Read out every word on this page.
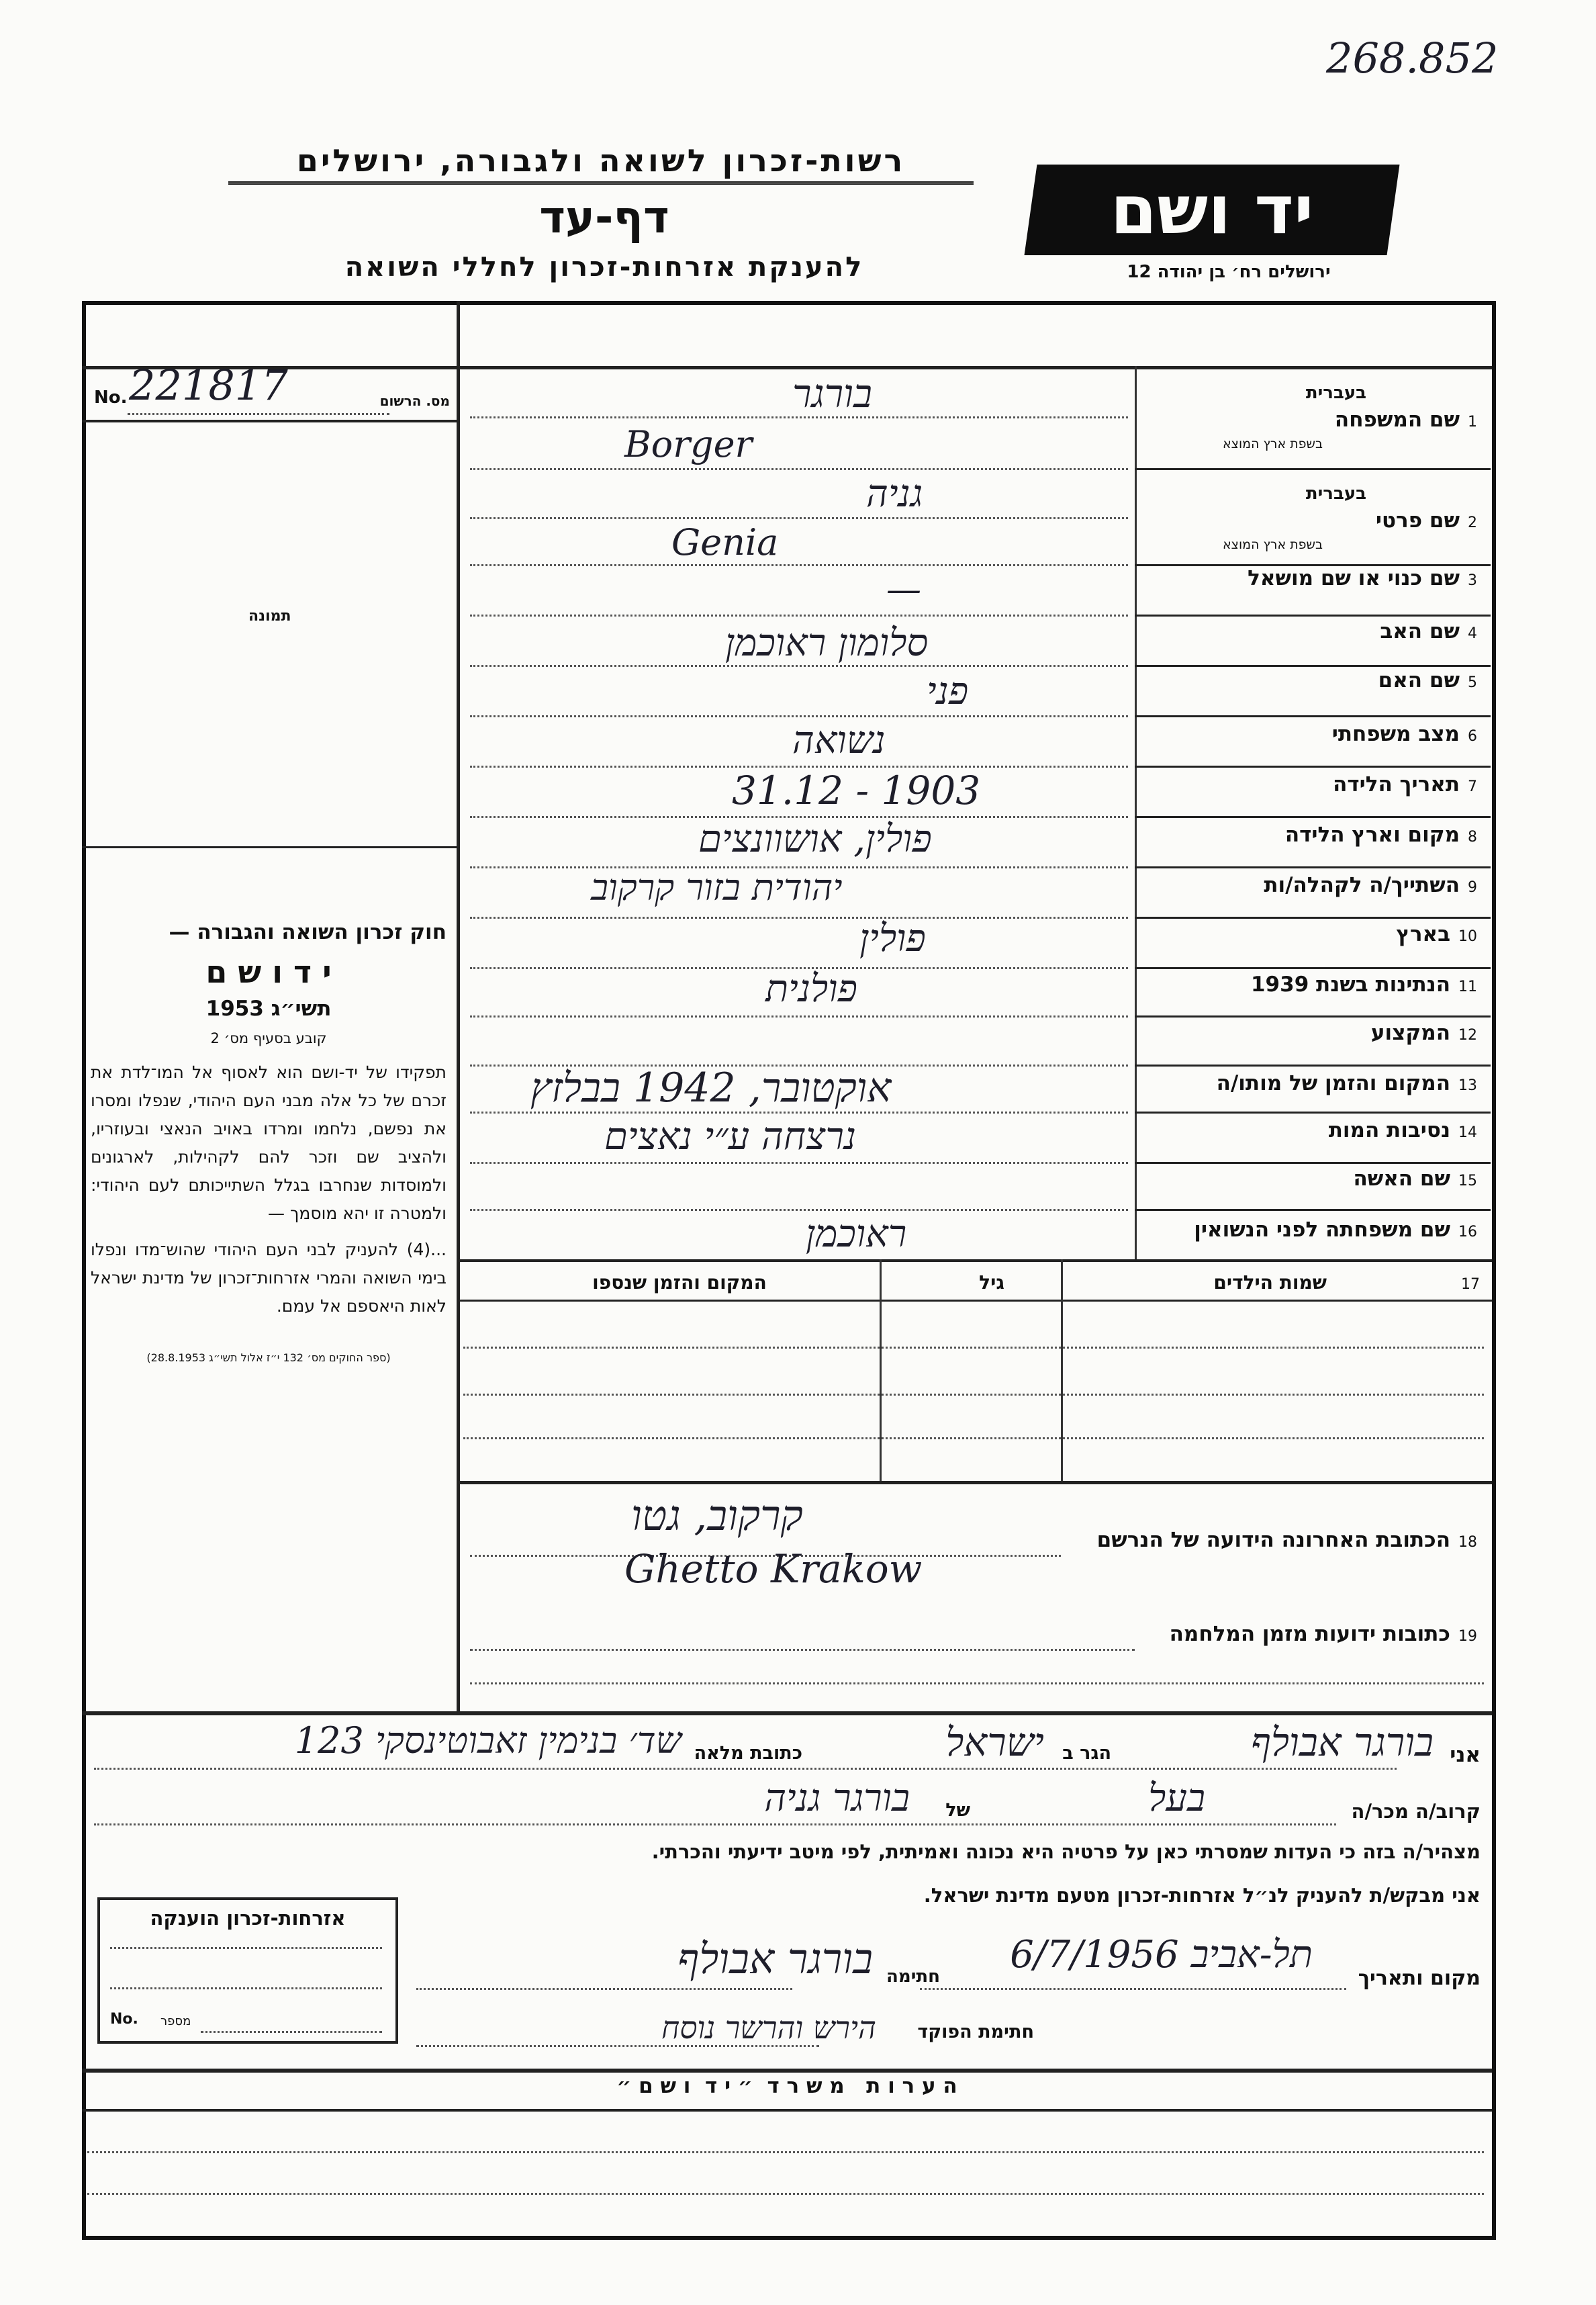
268.852
רשות-זכרון לשואה ולגבורה, ירושלים
דף-עד
להענקת אזרחות-זכרון לחללי השואה
יד ושם
ירושלים רח׳ בן יהודה 12
מס. הרשום
No. 221817
תמונה
חוק זכרון השואה והגבורה —
י ד ו ש ם
תשי״ג 1953
קובע בסעיף מס׳ 2
תפקידו של יד-ושם הוא לאסוף אל המו־לדת את זכרם של כל אלה מבני העם היהודי, שנפלו ומסרו את נפשם, נלחמו ומרדו באויב הנאצי ובעוזריו, ולהציב שם וזכר להם לקהילות, לארגונים ולמוסדות שנחרבו בגלל השתייכותם לעם היהודי: ולמטרה זו יהא מוסמך —
...(4) להעניק לבני העם היהודי שהוש־מדו ונפלו בימי השואה והמרי אזרחות־זכרון של מדינת ישראל לאות היאספם אל עמם.
(ספר החוקים מס׳ 132 י״ז אלול תשי״ג 28.8.1953)
בעברית
1שם המשפחה
בשפת ארץ המוצא
בעברית
2שם פרטי
בשפת ארץ המוצא
3שם כנוי או שם מושאל
4שם האב
5שם האם
6מצב משפחתי
7תאריך הלידה
8מקום וארץ הלידה
9השתייך/ה לקהלה/ות
10בארץ
11הנתינות בשנת 1939
12המקצוע
13המקום והזמן של מותו/ה
14נסיבות המות
15שם האשה
16שם משפחתה לפני הנשואין
בורגר
Borger
גניה
Genia
—
סלומון ראוכמן
פני
נשואה
31.12 - 1903
פולין, אושוונצים
יהודית בזור קרקוב
פולין
פולנית
אוקטובר, 1942 בבלזץ
נרצחה ע״י נאצים
ראוכמן
17שמות הילדים
גיל
המקום והזמן שנספו
18הכתובת האחרונה הידועה של הנרשם
קרקוב, גטו
Ghetto Krakow
19כתובות ידועות מזמן המלחמה
אני
בורגר אבולף
הגר ב
ישראל
כתובת מלאה
שד׳ בנימין זאבוטינסקי 123
קרוב/ה מכר/ה
בעל
של
בורגר גניה
מצהיר/ה בזה כי העדות שמסרתי כאן על פרטיה היא נכונה ואמיתית, לפי מיטב ידיעתי והכרתי.
אני מבקש/ת להעניק לנ״ל אזרחות-זכרון מטעם מדינת ישראל.
אזרחות-זכרון הוענקה
No. מספר
מקום ותאריך
תל-אביב 6/7/1956
חתימה
בורגר אבולף
חתימת הפוקד
הירש והרשר נוסח
ה ע ר ו ת   מ ש ר ד  ״ י ד  ו ש ם ״
